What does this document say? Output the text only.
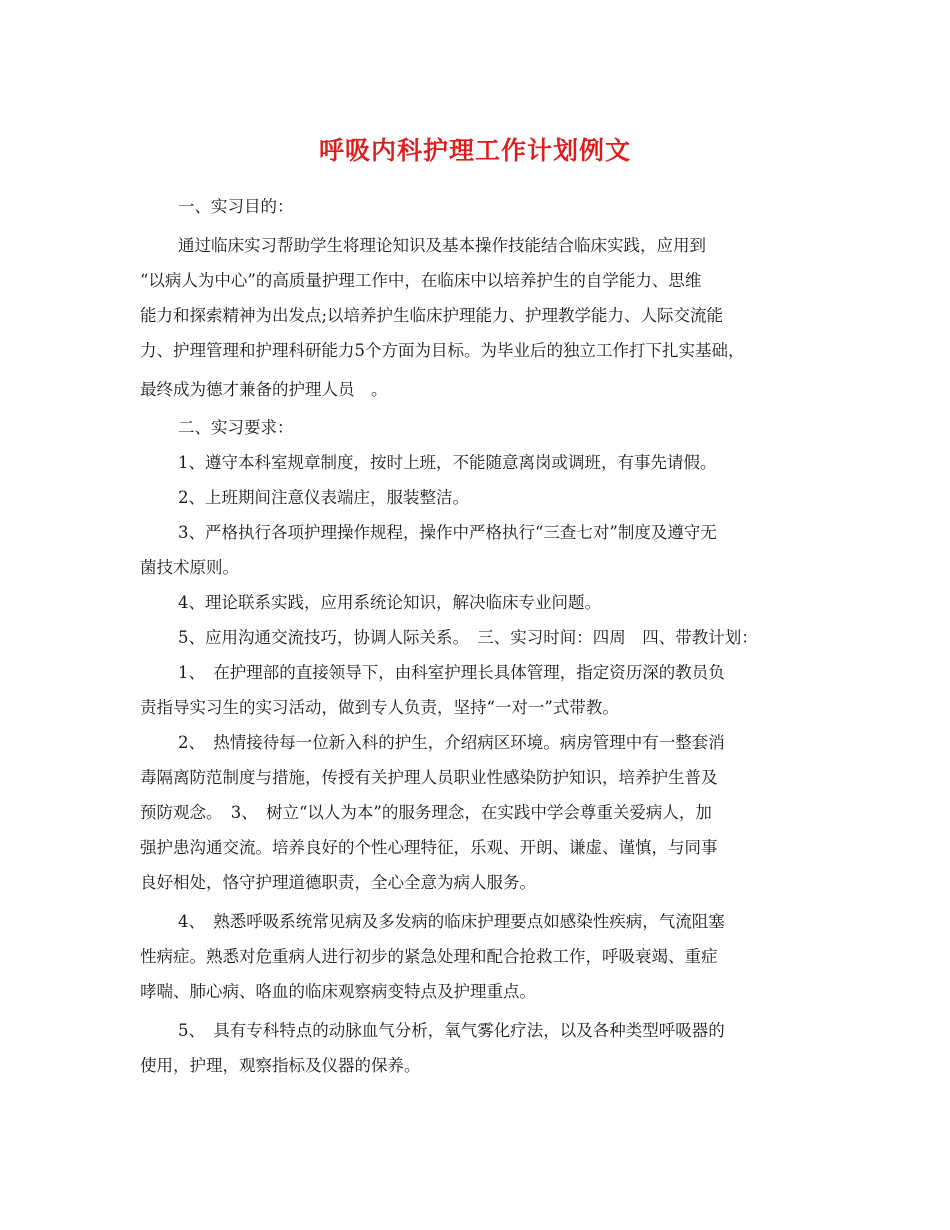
呼吸内科护理工作计划例文
一、实习目的：
通过临床实习帮助学生将理论知识及基本操作技能结合临床实践，应用到
“以病人为中心”的高质量护理工作中，在临床中以培养护生的自学能力、思维
能力和探索精神为出发点;以培养护生临床护理能力、护理教学能力、人际交流能
力、护理管理和护理科研能力5个方面为目标。为毕业后的独立工作打下扎实基础，
最终成为德才兼备的护理人员　。
二、实习要求：
1、遵守本科室规章制度，按时上班，不能随意离岗或调班，有事先请假。
2、上班期间注意仪表端庄，服装整洁。
3、严格执行各项护理操作规程，操作中严格执行“三查七对”制度及遵守无
菌技术原则。
4、理论联系实践，应用系统论知识，解决临床专业问题。
5、应用沟通交流技巧，协调人际关系。　三、实习时间：四周　四、带教计划：
1、　在护理部的直接领导下，由科室护理长具体管理，指定资历深的教员负
责指导实习生的实习活动，做到专人负责，坚持“一对一”式带教。
2、　热情接待每一位新入科的护生，介绍病区环境。病房管理中有一整套消
毒隔离防范制度与措施，传授有关护理人员职业性感染防护知识，培养护生普及
预防观念。　3、　树立“以人为本”的服务理念，在实践中学会尊重关爱病人，加
强护患沟通交流。培养良好的个性心理特征，乐观、开朗、谦虚、谨慎，与同事
良好相处，恪守护理道德职责，全心全意为病人服务。
4、　熟悉呼吸系统常见病及多发病的临床护理要点如感染性疾病，气流阻塞
性病症。熟悉对危重病人进行初步的紧急处理和配合抢救工作，呼吸衰竭、重症
哮喘、肺心病、咯血的临床观察病变特点及护理重点。
5、　具有专科特点的动脉血气分析，氧气雾化疗法，以及各种类型呼吸器的
使用，护理，观察指标及仪器的保养。
